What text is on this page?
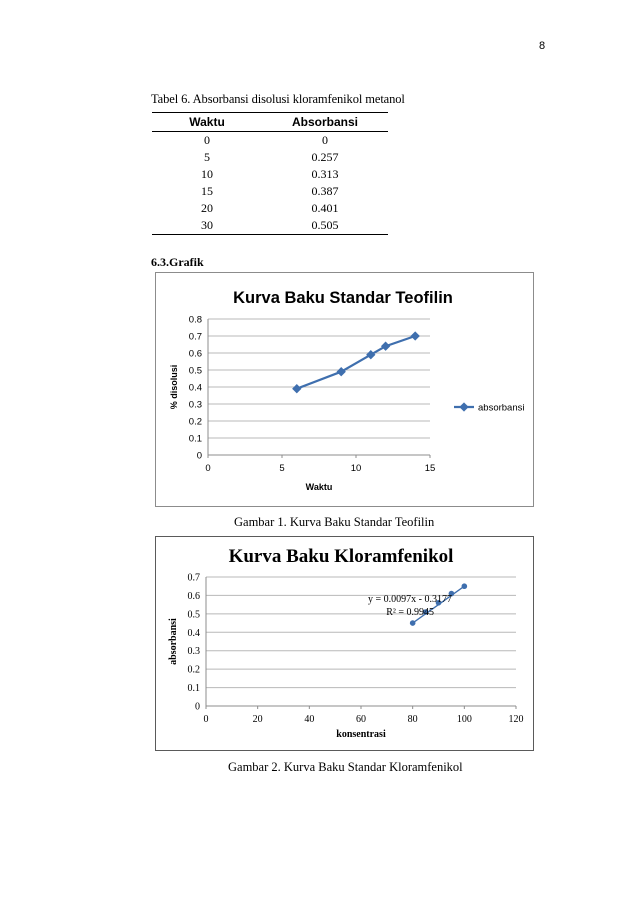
8
Tabel 6. Absorbansi disolusi kloramfenikol metanol
Waktu	Absorbansi
0	0
5	0.257
10	0.313
15	0.387
20	0.401
30	0.505
6.3.Grafik
Kurva Baku Standar Teofilin
0
0.1
0.2
0.3
0.4
0.5
0.6
0.7
0.8
0	5	10	15
Waktu
% disolusi	absorbansi
Gambar 1. Kurva Baku Standar Teofilin
Kurva Baku Kloramfenikol
0
0.1
0.2
0.3
0.4
0.5
0.6
0.7
0	20	40	60	80	100	120
konsentrasi
absorbansi
y = 0.0097x - 0.3177
R² = 0.9945
Gambar 2. Kurva Baku Standar Kloramfenikol
